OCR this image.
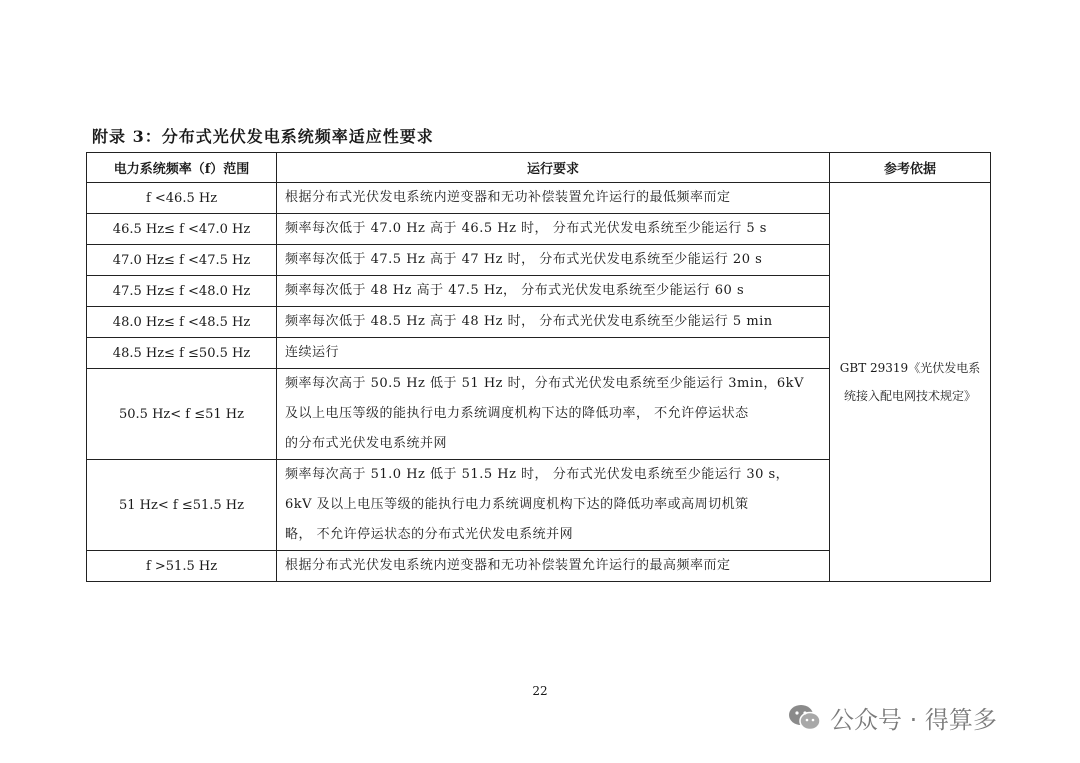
附录 3：分布式光伏发电系统频率适应性要求
电力系统频率（f）范围	运行要求	参考依据
f <46.5 Hz	根据分布式光伏发电系统内逆变器和无功补偿装置允许运行的最低频率而定	GBT 29319《光伏发电系
统接入配电网技术规定》

46.5 Hz≤ f <47.0 Hz	频率每次低于 47.0 Hz 高于 46.5 Hz 时， 分布式光伏发电系统至少能运行 5 s	
47.0 Hz≤ f <47.5 Hz	频率每次低于 47.5 Hz 高于 47 Hz 时， 分布式光伏发电系统至少能运行 20 s	
47.5 Hz≤ f <48.0 Hz	频率每次低于 48 Hz 高于 47.5 Hz， 分布式光伏发电系统至少能运行 60 s	
48.0 Hz≤ f <48.5 Hz	频率每次低于 48.5 Hz 高于 48 Hz 时， 分布式光伏发电系统至少能运行 5 min	
48.5 Hz≤ f ≤50.5 Hz	连续运行	
50.5 Hz< f ≤51 Hz	频率每次高于 50.5 Hz 低于 51 Hz 时，分布式光伏发电系统至少能运行 3min，6kV
及以上电压等级的能执行电力系统调度机构下达的降低功率， 不允许停运状态
的分布式光伏发电系统并网	

51 Hz< f ≤51.5 Hz	频率每次高于 51.0 Hz 低于 51.5 Hz 时， 分布式光伏发电系统至少能运行 30 s，
6kV 及以上电压等级的能执行电力系统调度机构下达的降低功率或高周切机策
略， 不允许停运状态的分布式光伏发电系统并网	

f >51.5 Hz	根据分布式光伏发电系统内逆变器和无功补偿装置允许运行的最高频率而定	
22
公众号 · 得算多
